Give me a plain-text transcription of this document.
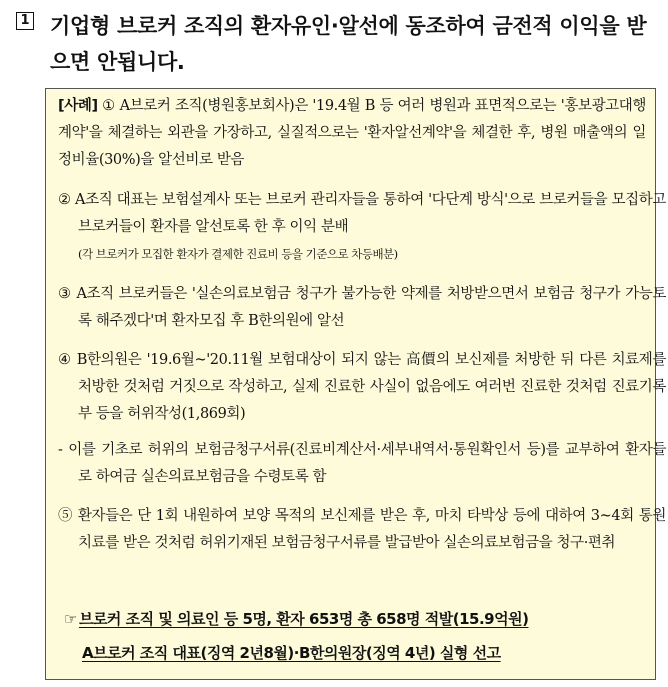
1 기업형 브로커 조직의 환자유인·알선에 동조하여 금전적 이익을 받으면 안됩니다.
[사례] ① A브로커 조직(병원홍보회사)은 '19.4월 B 등 여러 병원과 표면적으로는 '홍보광고대행계약'을 체결하는 외관을 가장하고, 실질적으로는 '환자알선계약'을 체결한 후, 병원 매출액의 일정비율(30%)을 알선비로 받음
② A조직 대표는 보험설계사 또는 브로커 관리자들을 통하여 '다단계 방식'으로 브로커들을 모집하고 브로커들이 환자를 알선토록 한 후 이익 분배
(각 브로커가 모집한 환자가 결제한 진료비 등을 기준으로 차등배분)
③ A조직 브로커들은 '실손의료보험금 청구가 불가능한 약제를 처방받으면서 보험금 청구가 가능토록 해주겠다'며 환자모집 후 B한의원에 알선
④ B한의원은 '19.6월~'20.11월 보험대상이 되지 않는 高價의 보신제를 처방한 뒤 다른 치료제를 처방한 것처럼 거짓으로 작성하고, 실제 진료한 사실이 없음에도 여러번 진료한 것처럼 진료기록부 등을 허위작성(1,869회)
- 이를 기초로 허위의 보험금청구서류(진료비계산서·세부내역서·통원확인서 등)를 교부하여 환자들로 하여금 실손의료보험금을 수령토록 함
⑤ 환자들은 단 1회 내원하여 보양 목적의 보신제를 받은 후, 마치 타박상 등에 대하여 3~4회 통원치료를 받은 것처럼 허위기재된 보험금청구서류를 발급받아 실손의료보험금을 청구·편취
☞ 브로커 조직 및 의료인 등 5명, 환자 653명 총 658명 적발(15.9억원)
A브로커 조직 대표(징역 2년8월)·B한의원장(징역 4년) 실형 선고
